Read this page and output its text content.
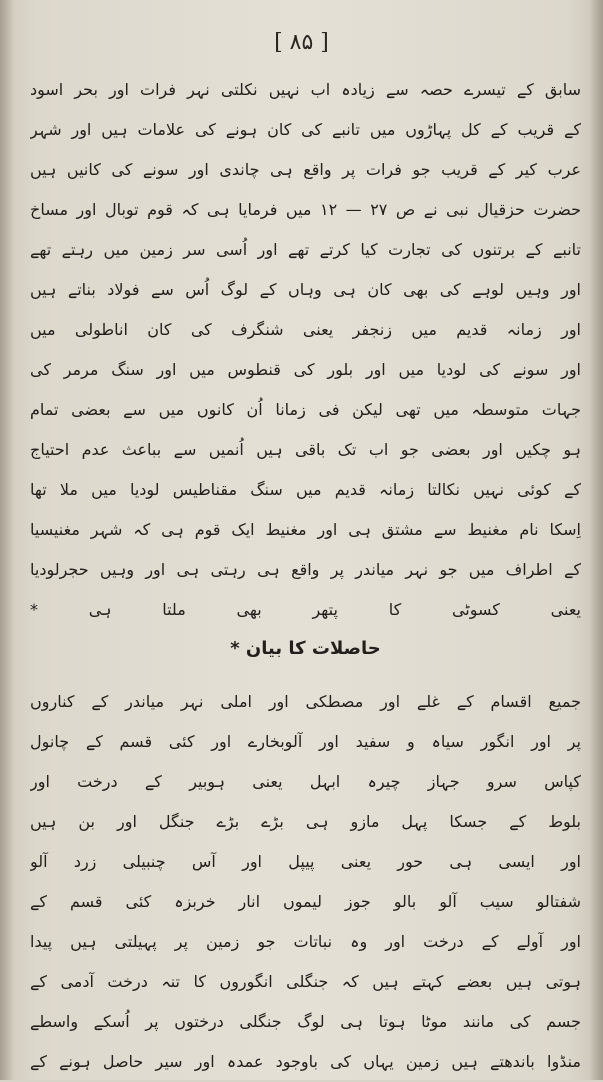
[ ۸۵ ]
سابق کے تیسرے حصہ سے زیادہ اب نہیں نکلتی نہر فرات اور بحر اسود
کے قریب کے کل پہاڑوں میں تانبے کی کان ہونے کی علامات ہیں اور شہر
عرب کیر کے قریب جو فرات پر واقع ہی چاندی اور سونے کی کانیں ہیں
حضرت حزقیال نبی نے ص ۲۷ — ۱۲ میں فرمایا ہی کہ قوم توبال اور مساخ
تانبے کے برتنوں کی تجارت کیا کرتے تھے اور اُسی سر زمین میں رہتے تھے
اور وہیں لوہے کی بھی کان ہی وہاں کے لوگ اُس سے فولاد بناتے ہیں
اور زمانہ قدیم میں زنجفر یعنی شنگرف کی کان اناطولی میں
اور سونے کی لودیا میں اور بلور کی قنطوس میں اور سنگ مرمر کی
جہات متوسطہ میں تھی لیکن فی زمانا اُن کانوں میں سے بعضی تمام
ہو چکیں اور بعضی جو اب تک باقی ہیں اُنمیں سے بباعث عدم احتیاج
کے کوئی نہیں نکالتا زمانہ قدیم میں سنگ مقناطیس لودیا میں ملا تھا
اِسکا نام مغنیط سے مشتق ہی اور مغنیط ایک قوم ہی کہ شہر مغنیسیا
کے اطراف میں جو نہر میاندر پر واقع ہی رہتی ہی اور وہیں حجرلودیا
یعنی کسوٹی کا پتھر بھی ملتا ہی *
حاصلات کا بیان *
جمیع اقسام کے غلے اور مصطکی اور املی نہر میاندر کے کناروں
پر اور انگور سیاہ و سفید اور آلوبخارے اور کئی قسم کے چانول
کپاس سرو جہاز چیرہ ابہل یعنی ہوبیر کے درخت اور
بلوط کے جسکا پہل مازو ہی بڑے بڑے جنگل اور بن ہیں
اور ایسی ہی حور یعنی پیپل اور آس چنبیلی زرد آلو
شفتالو سیب آلو بالو جوز لیموں انار خربزہ کئی قسم کے
اور آولے کے درخت اور وہ نباتات جو زمین پر پہیلتی ہیں پیدا
ہوتی ہیں بعضے کہتے ہیں کہ جنگلی انگوروں کا تنہ درخت آدمی کے
جسم کی مانند موٹا ہوتا ہی لوگ جنگلی درختوں پر اُسکے واسطے
منڈوا باندھتے ہیں زمین یہاں کی باوجود عمدہ اور سیر حاصل ہونے کے
